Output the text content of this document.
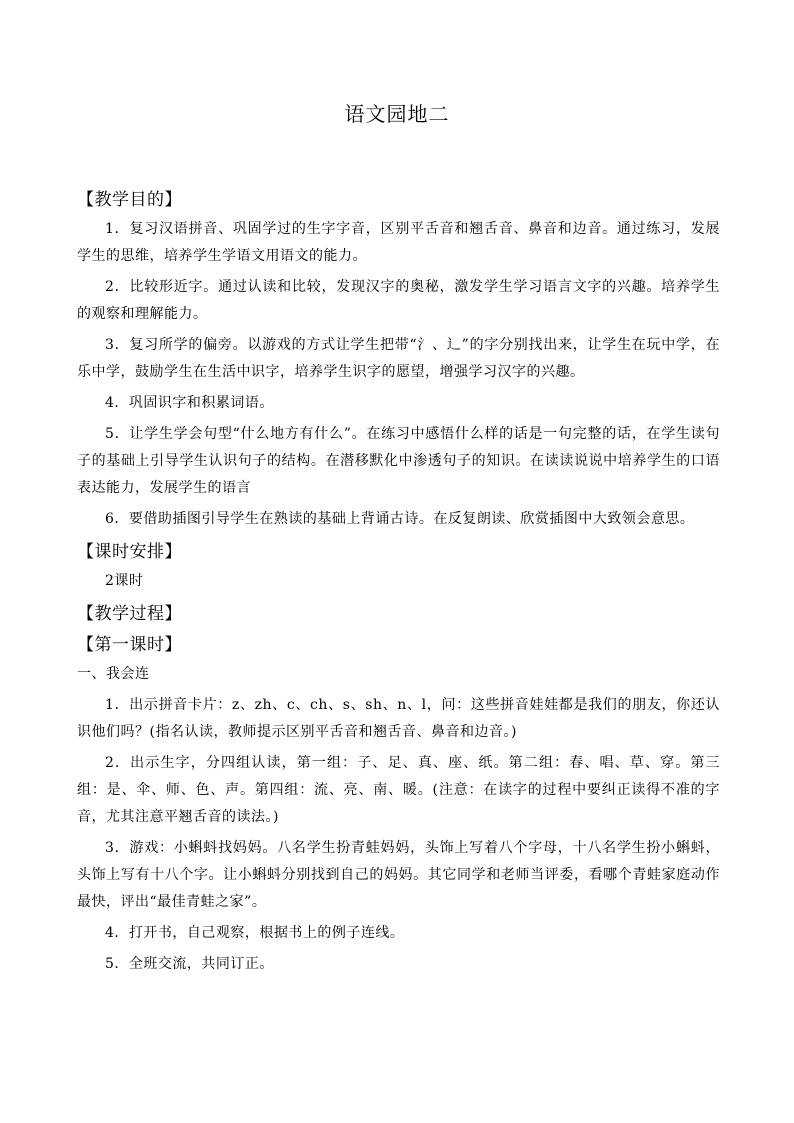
语文园地二

【教学目的】

1．复习汉语拼音、巩固学过的生字字音，区别平舌音和翘舌音、鼻音和边音。通过练习，发展学生的思维，培养学生学语文用语文的能力。

2．比较形近字。通过认读和比较，发现汉字的奥秘，激发学生学习语言文字的兴趣。培养学生的观察和理解能力。

3．复习所学的偏旁。以游戏的方式让学生把带“氵、辶”的字分别找出来，让学生在玩中学，在乐中学，鼓励学生在生活中识字，培养学生识字的愿望，增强学习汉字的兴趣。

4．巩固识字和积累词语。

5．让学生学会句型“什么地方有什么”。在练习中感悟什么样的话是一句完整的话，在学生读句子的基础上引导学生认识句子的结构。在潜移默化中渗透句子的知识。在读读说说中培养学生的口语表达能力，发展学生的语言

6．要借助插图引导学生在熟读的基础上背诵古诗。在反复朗读、欣赏插图中大致领会意思。

【课时安排】

2课时

【教学过程】

【第一课时】

一、我会连

1．出示拼音卡片：z、zh、c、ch、s、sh、n、l，问：这些拼音娃娃都是我们的朋友，你还认识他们吗？(指名认读，教师提示区别平舌音和翘舌音、鼻音和边音。)

2．出示生字，分四组认读，第一组：子、足、真、座、纸。第二组：春、唱、草、穿。第三组：是、伞、师、色、声。第四组：流、亮、南、暖。(注意：在读字的过程中要纠正读得不准的字音，尤其注意平翘舌音的读法。)

3．游戏：小蝌蚪找妈妈。八名学生扮青蛙妈妈，头饰上写着八个字母，十八名学生扮小蝌蚪，头饰上写有十八个字。让小蝌蚪分别找到自己的妈妈。其它同学和老师当评委，看哪个青蛙家庭动作最快，评出“最佳青蛙之家”。

4．打开书，自己观察，根据书上的例子连线。

5．全班交流，共同订正。
